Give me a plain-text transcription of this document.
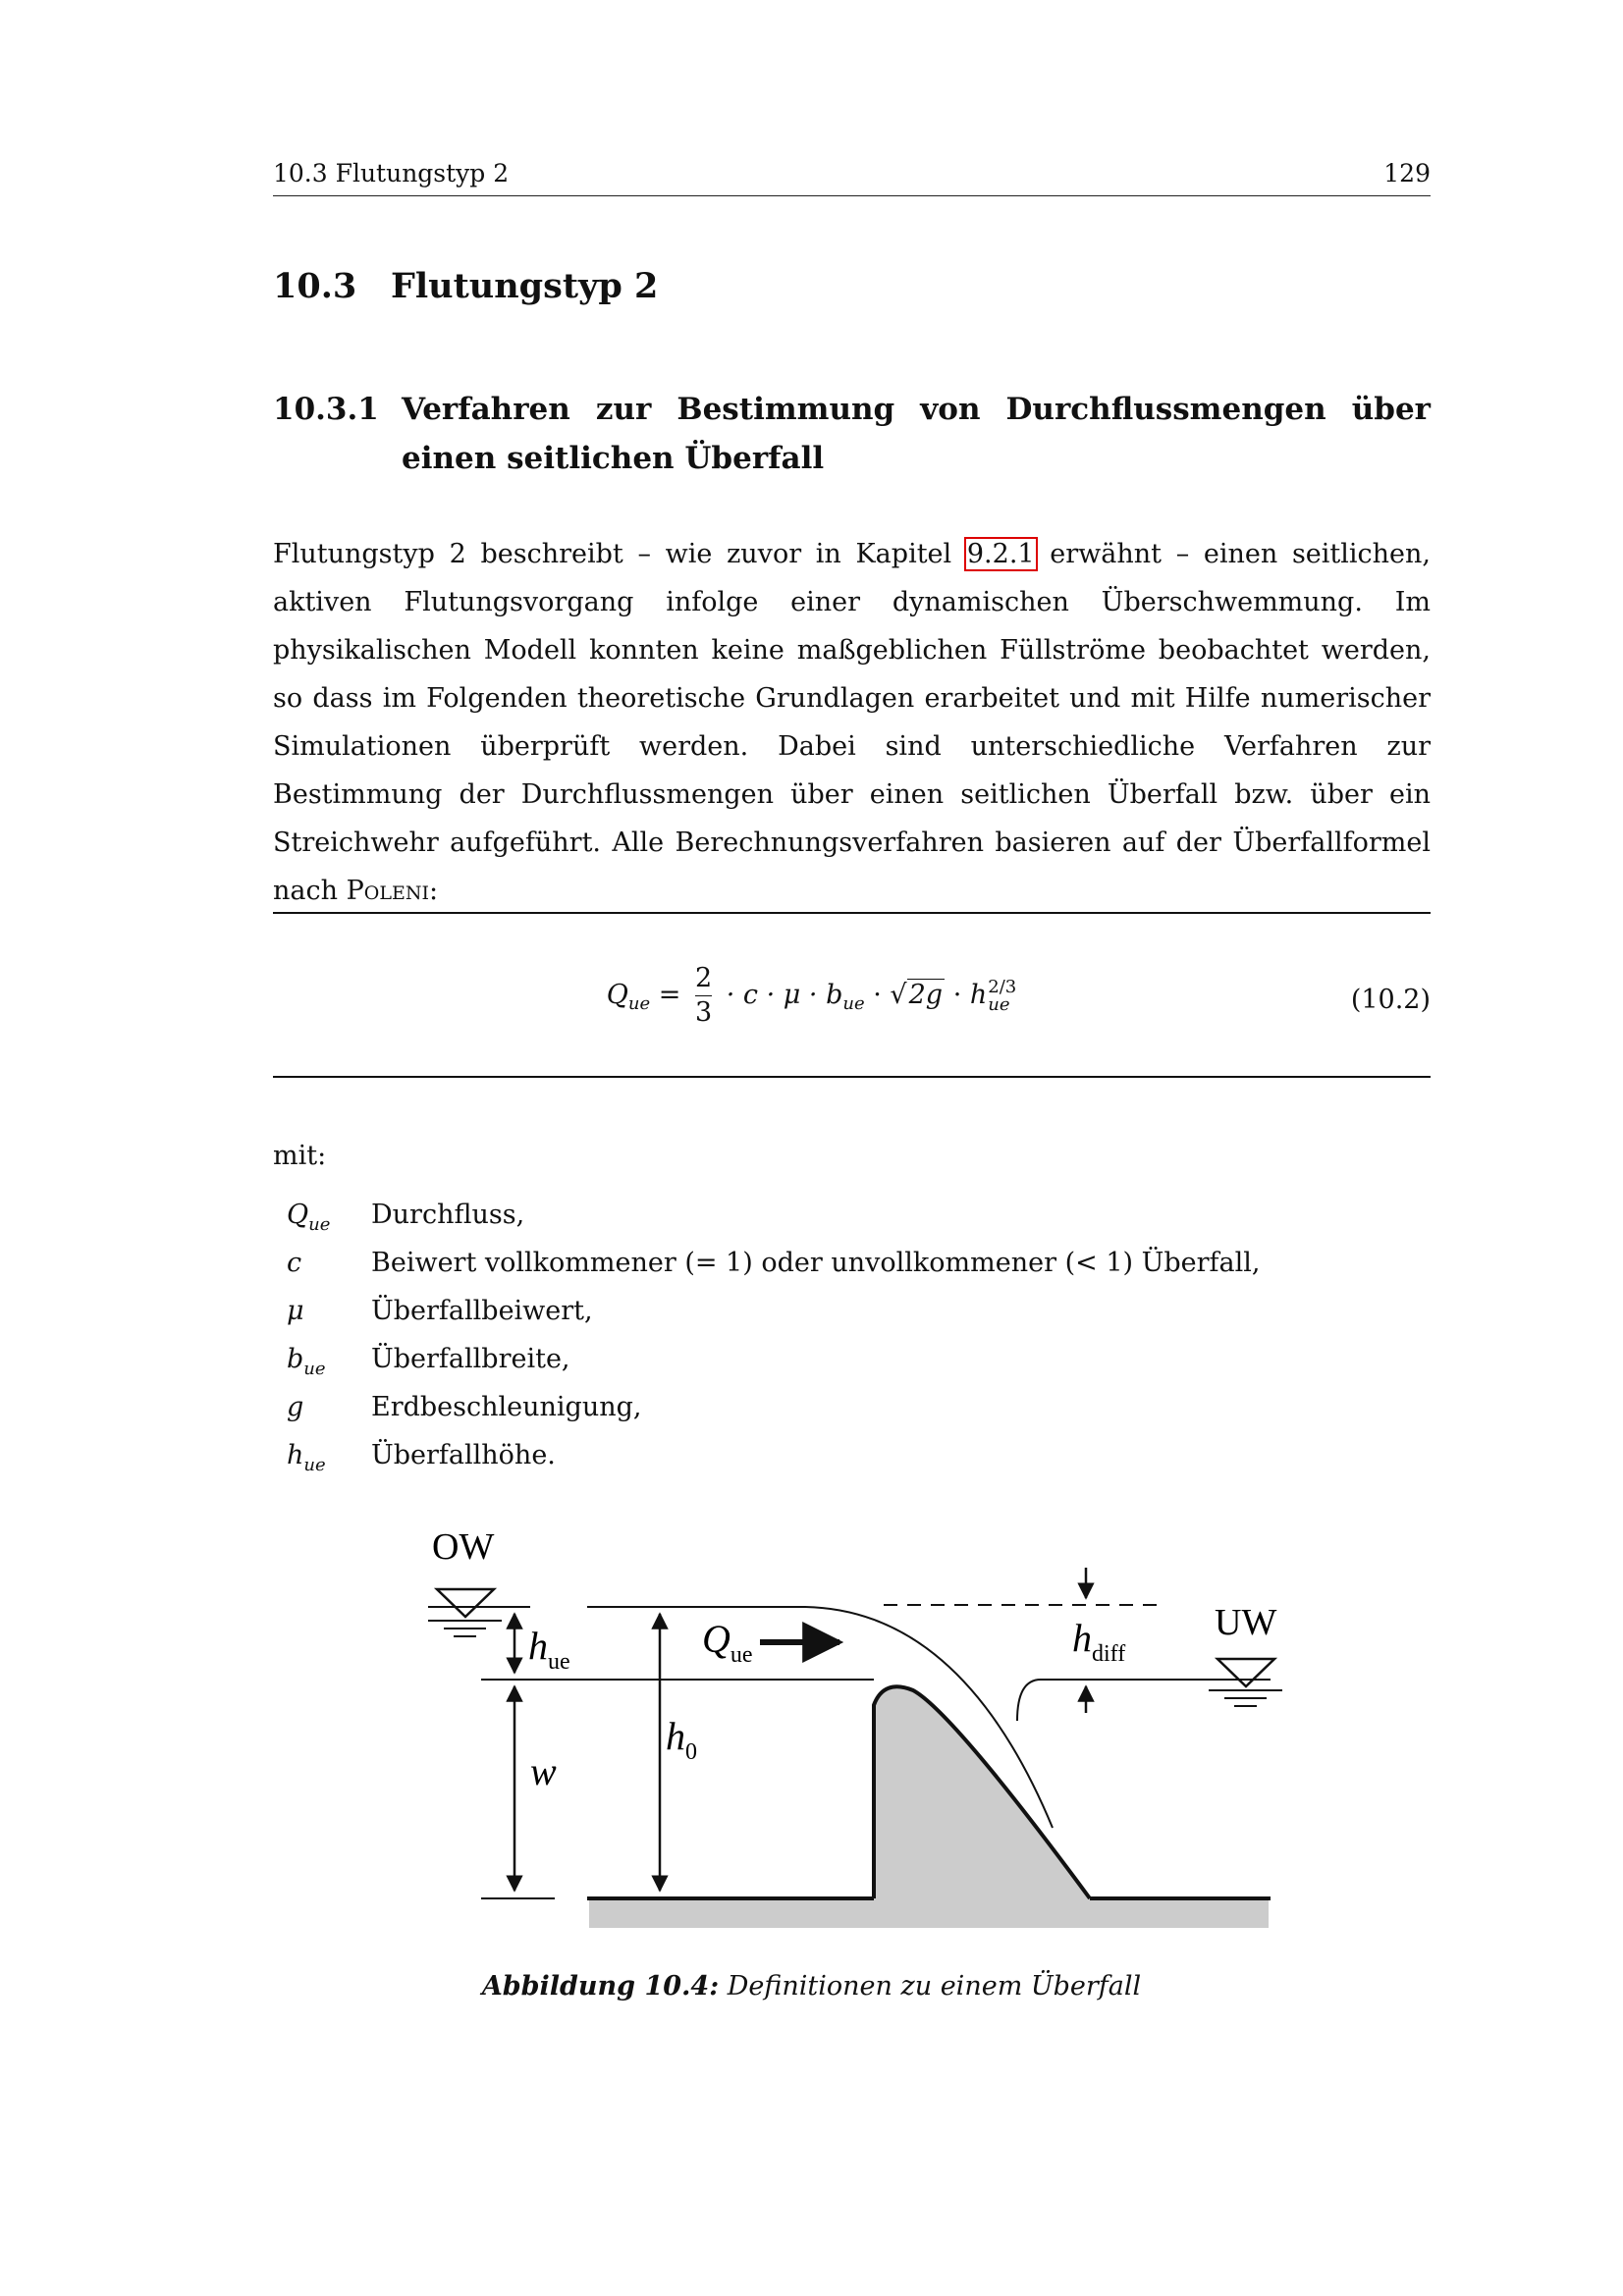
10.3 Flutungstyp 2	129
10.3 Flutungstyp 2
10.3.1 Verfahren zur Bestimmung von Durchflussmengen über einen seitlichen Überfall
Flutungstyp 2 beschreibt – wie zuvor in Kapitel 9.2.1 erwähnt – einen seitlichen, aktiven Flutungsvorgang infolge einer dynamischen Überschwemmung. Im physikalischen Modell konnten keine maßgeblichen Füllströme beobachtet werden, so dass im Folgenden theoretische Grundlagen erarbeitet und mit Hilfe numerischer Simulationen überprüft werden. Dabei sind unterschiedliche Verfahren zur Bestimmung der Durchflussmengen über einen seitlichen Überfall bzw. über ein Streichwehr aufgeführt. Alle Berechnungsverfahren basieren auf der Überfallformel nach Poleni:
$Q_{ue} = \frac{2}{3} \cdot c \cdot \mu \cdot b_{ue} \cdot √2g \cdot h$ 2/3
ue	(10.2)
mit:
$Q_{ue}$ Durchfluss,
c	Beiwert vollkommener (= 1) oder unvollkommener (< 1) Überfall,
μ	Überfallbeiwert,
$b_{ue}$ Überfallbreite,
g	Erdbeschleunigung,
$h_{ue}$ Überfallhöhe.
OW
UW
$h_{ue}$
$Q_{ue}$	$h_{diff}$
w
$h_0$
Abbildung 10.4: Definitionen zu einem Überfall
